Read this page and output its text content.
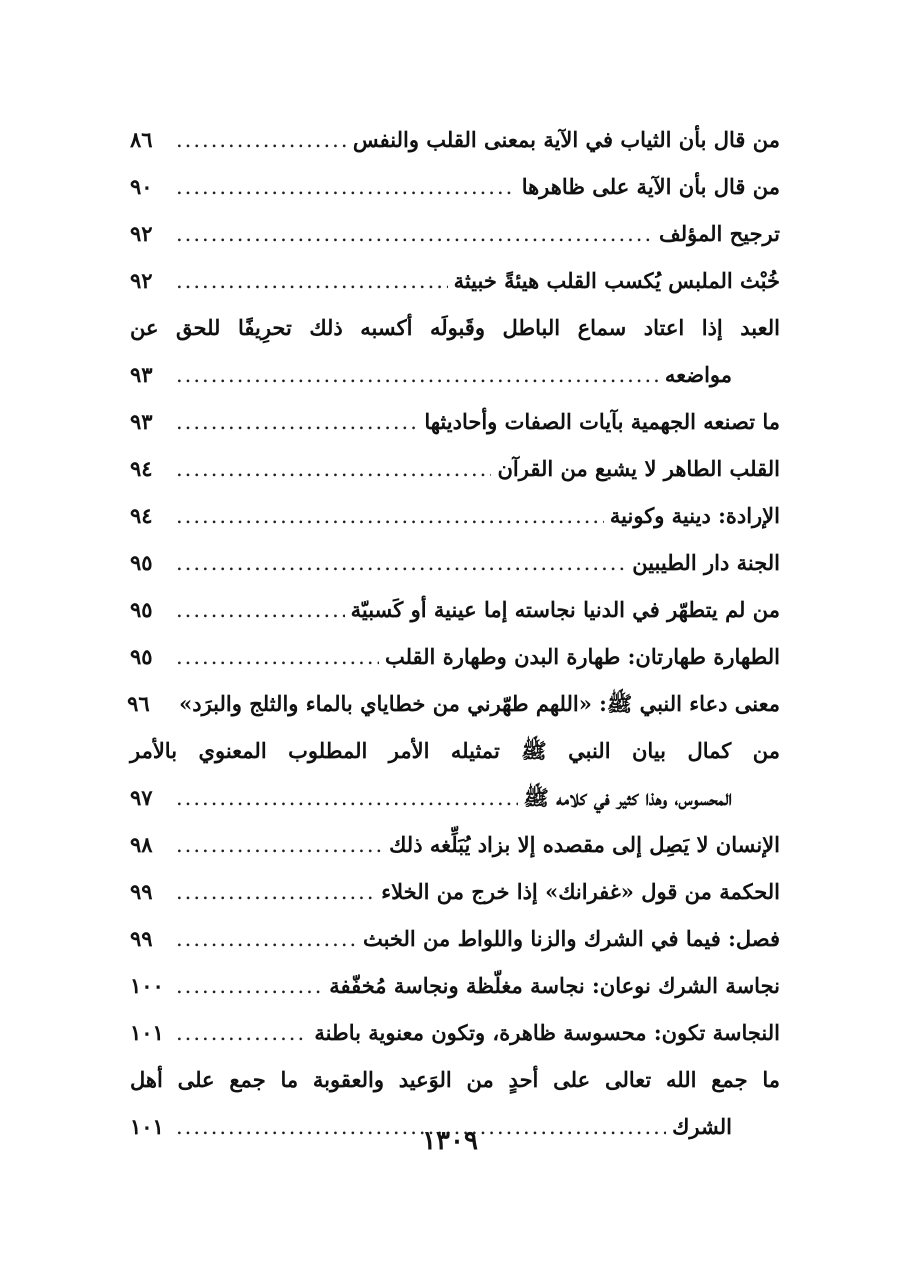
من قال بأن الثياب في الآية بمعنى القلب والنفس
.....
٨٦
من قال بأن الآية على ظاهرها
.....
٩٠
ترجيح المؤلف
.....
٩٢
خُبْث الملبس يُكسب القلب هيئةً خبيثة
.....
٩٢
العبد إذا اعتاد سماع الباطل وقَبولَه أكسبه ذلك تحرِيفًا للحق عن
مواضعه
.....
٩٣
ما تصنعه الجهمية بآيات الصفات وأحاديثها
.....
٩٣
القلب الطاهر لا يشبع من القرآن
.....
٩٤
الإرادة: دينية وكونية
.....
٩٤
الجنة دار الطيبين
.....
٩٥
من لم يتطهّر في الدنيا نجاسته إما عينية أو كَسبيّة
.....
٩٥
الطهارة طهارتان: طهارة البدن وطهارة القلب
.....
٩٥
معنى دعاء النبي ﷺ: «اللهم طهّرني من خطاياي بالماء والثلج والبرَد»
٩٦
من كمال بيان النبي ﷺ تمثيله الأمر المطلوب المعنوي بالأمر
المحسوس، وهذا كثير في كلامه ﷺ
.....
٩٧
الإنسان لا يَصِل إلى مقصده إلا بزاد يُبَلِّغه ذلك
.....
٩٨
الحكمة من قول «غفرانك» إذا خرج من الخلاء
.....
٩٩
فصل: فيما في الشرك والزنا واللواط من الخبث
.....
٩٩
نجاسة الشرك نوعان: نجاسة مغلّظة ونجاسة مُخفّفة
.....
١٠٠
النجاسة تكون: محسوسة ظاهرة، وتكون معنوية باطنة
.....
١٠١
ما جمع الله تعالى على أحدٍ من الوَعيد والعقوبة ما جمع على أهل
الشرك
.....
١٠١	١٣٠٩
